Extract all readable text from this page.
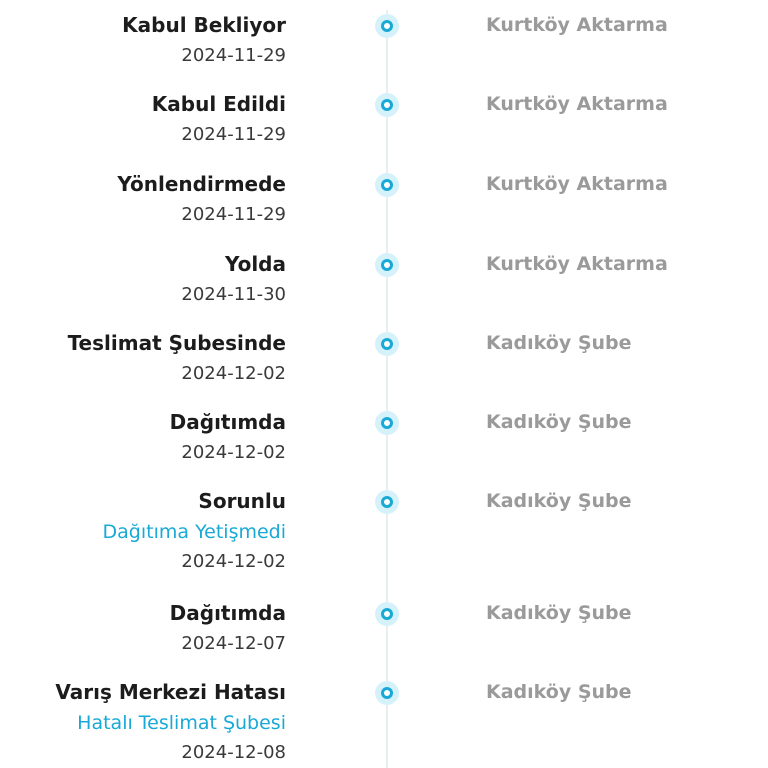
Kabul Bekliyor
2024-11-29
Kurtköy Aktarma
Kabul Edildi
2024-11-29
Kurtköy Aktarma
Yönlendirmede
2024-11-29
Kurtköy Aktarma
Yolda
2024-11-30
Kurtköy Aktarma
Teslimat Şubesinde
2024-12-02
Kadıköy Şube
Dağıtımda
2024-12-02
Kadıköy Şube
Sorunlu
Dağıtıma Yetişmedi
2024-12-02
Kadıköy Şube
Dağıtımda
2024-12-07
Kadıköy Şube
Varış Merkezi Hatası
Hatalı Teslimat Şubesi
2024-12-08
Kadıköy Şube
